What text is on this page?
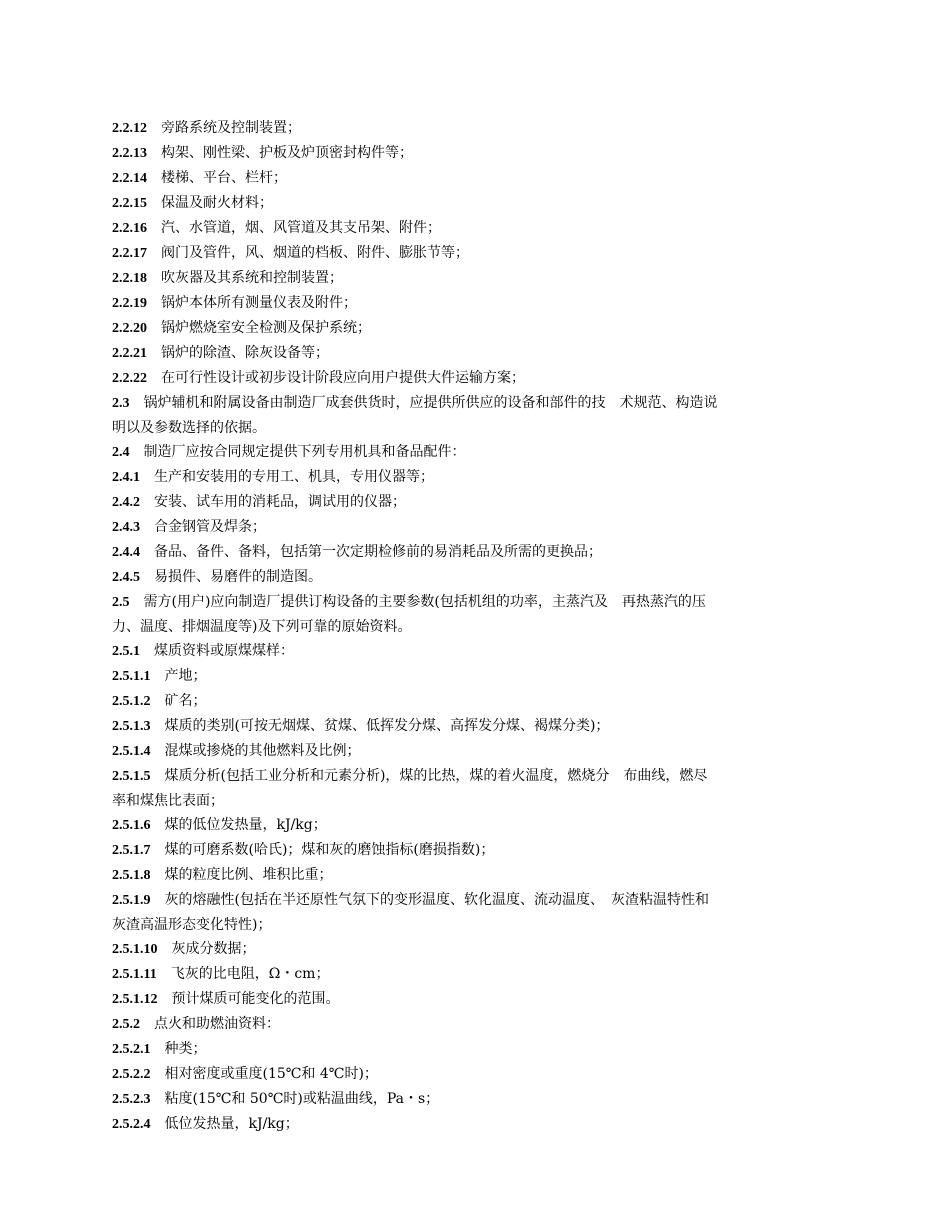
2.2.12 旁路系统及控制装置；

2.2.13 构架、刚性梁、护板及炉顶密封构件等；

2.2.14 楼梯、平台、栏杆；

2.2.15 保温及耐火材料；

2.2.16 汽、水管道，烟、风管道及其支吊架、附件；

2.2.17 阀门及管件，风、烟道的档板、附件、膨胀节等；

2.2.18 吹灰器及其系统和控制装置；

2.2.19 锅炉本体所有测量仪表及附件；

2.2.20 锅炉燃烧室安全检测及保护系统；

2.2.21 锅炉的除渣、除灰设备等；

2.2.22 在可行性设计或初步设计阶段应向用户提供大件运输方案；

2.3 锅炉辅机和附属设备由制造厂成套供货时，应提供所供应的设备和部件的技　术规范、构造说明以及参数选择的依据。

2.4 制造厂应按合同规定提供下列专用机具和备品配件：

2.4.1 生产和安装用的专用工、机具，专用仪器等；

2.4.2 安装、试车用的消耗品，调试用的仪器；

2.4.3 合金钢管及焊条；

2.4.4 备品、备件、备料，包括第一次定期检修前的易消耗品及所需的更换品；

2.4.5 易损件、易磨件的制造图。

2.5 需方(用户)应向制造厂提供订构设备的主要参数(包括机组的功率，主蒸汽及　再热蒸汽的压力、温度、排烟温度等)及下列可靠的原始资料。

2.5.1 煤质资料或原煤煤样：

2.5.1.1 产地；

2.5.1.2 矿名；

2.5.1.3 煤质的类别(可按无烟煤、贫煤、低挥发分煤、高挥发分煤、褐煤分类)；

2.5.1.4 混煤或掺烧的其他燃料及比例；

2.5.1.5 煤质分析(包括工业分析和元素分析)，煤的比热，煤的着火温度，燃烧分　布曲线，燃尽率和煤焦比表面；

2.5.1.6 煤的低位发热量，kJ/kg；

2.5.1.7 煤的可磨系数(哈氏)；煤和灰的磨蚀指标(磨损指数)；

2.5.1.8 煤的粒度比例、堆积比重；

2.5.1.9 灰的熔融性(包括在半还原性气氛下的变形温度、软化温度、流动温度、　灰渣粘温特性和灰渣高温形态变化特性)；

2.5.1.10 灰成分数据；

2.5.1.11 飞灰的比电阻，Ω・cm；

2.5.1.12 预计煤质可能变化的范围。

2.5.2 点火和助燃油资料：

2.5.2.1 种类；

2.5.2.2 相对密度或重度(15℃和 4℃时)；

2.5.2.3 粘度(15℃和 50℃时)或粘温曲线，Pa・s；

2.5.2.4 低位发热量，kJ/kg；
